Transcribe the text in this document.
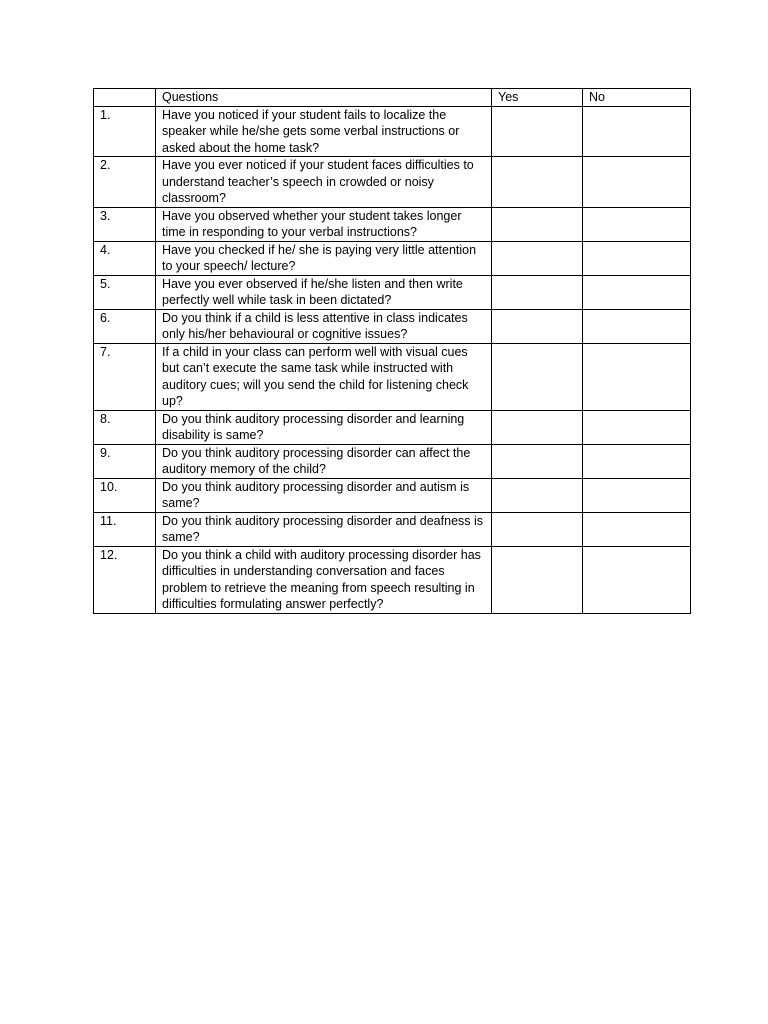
	Questions	Yes	No
1.	Have you noticed if your student fails to localize the speaker while he/she gets some verbal instructions or asked about the home task?		

2.	Have you ever noticed if your student faces difficulties to understand teacher’s speech in crowded or noisy classroom?		

3.	Have you observed whether your student takes longer time in responding to your verbal instructions?		

4.	Have you checked if he/ she is paying very little attention to your speech/ lecture?		

5.	Have you ever observed if he/she listen and then write perfectly well while task in been dictated?		

6.	Do you think if a child is less attentive in class indicates only his/her behavioural or cognitive issues?		

7.	If a child in your class can perform well with visual cues but can’t execute the same task while instructed with auditory cues; will you send the child for listening check up?		

8.	Do you think auditory processing disorder and learning disability is same?		

9.	Do you think auditory processing disorder can affect the auditory memory of the child?		

10.	Do you think auditory processing disorder and autism is same?		

11.	Do you think auditory processing disorder and deafness is same?		

12.	Do you think a child with auditory processing disorder has difficulties in understanding conversation and faces problem to retrieve the meaning from speech resulting in difficulties formulating answer perfectly?		
